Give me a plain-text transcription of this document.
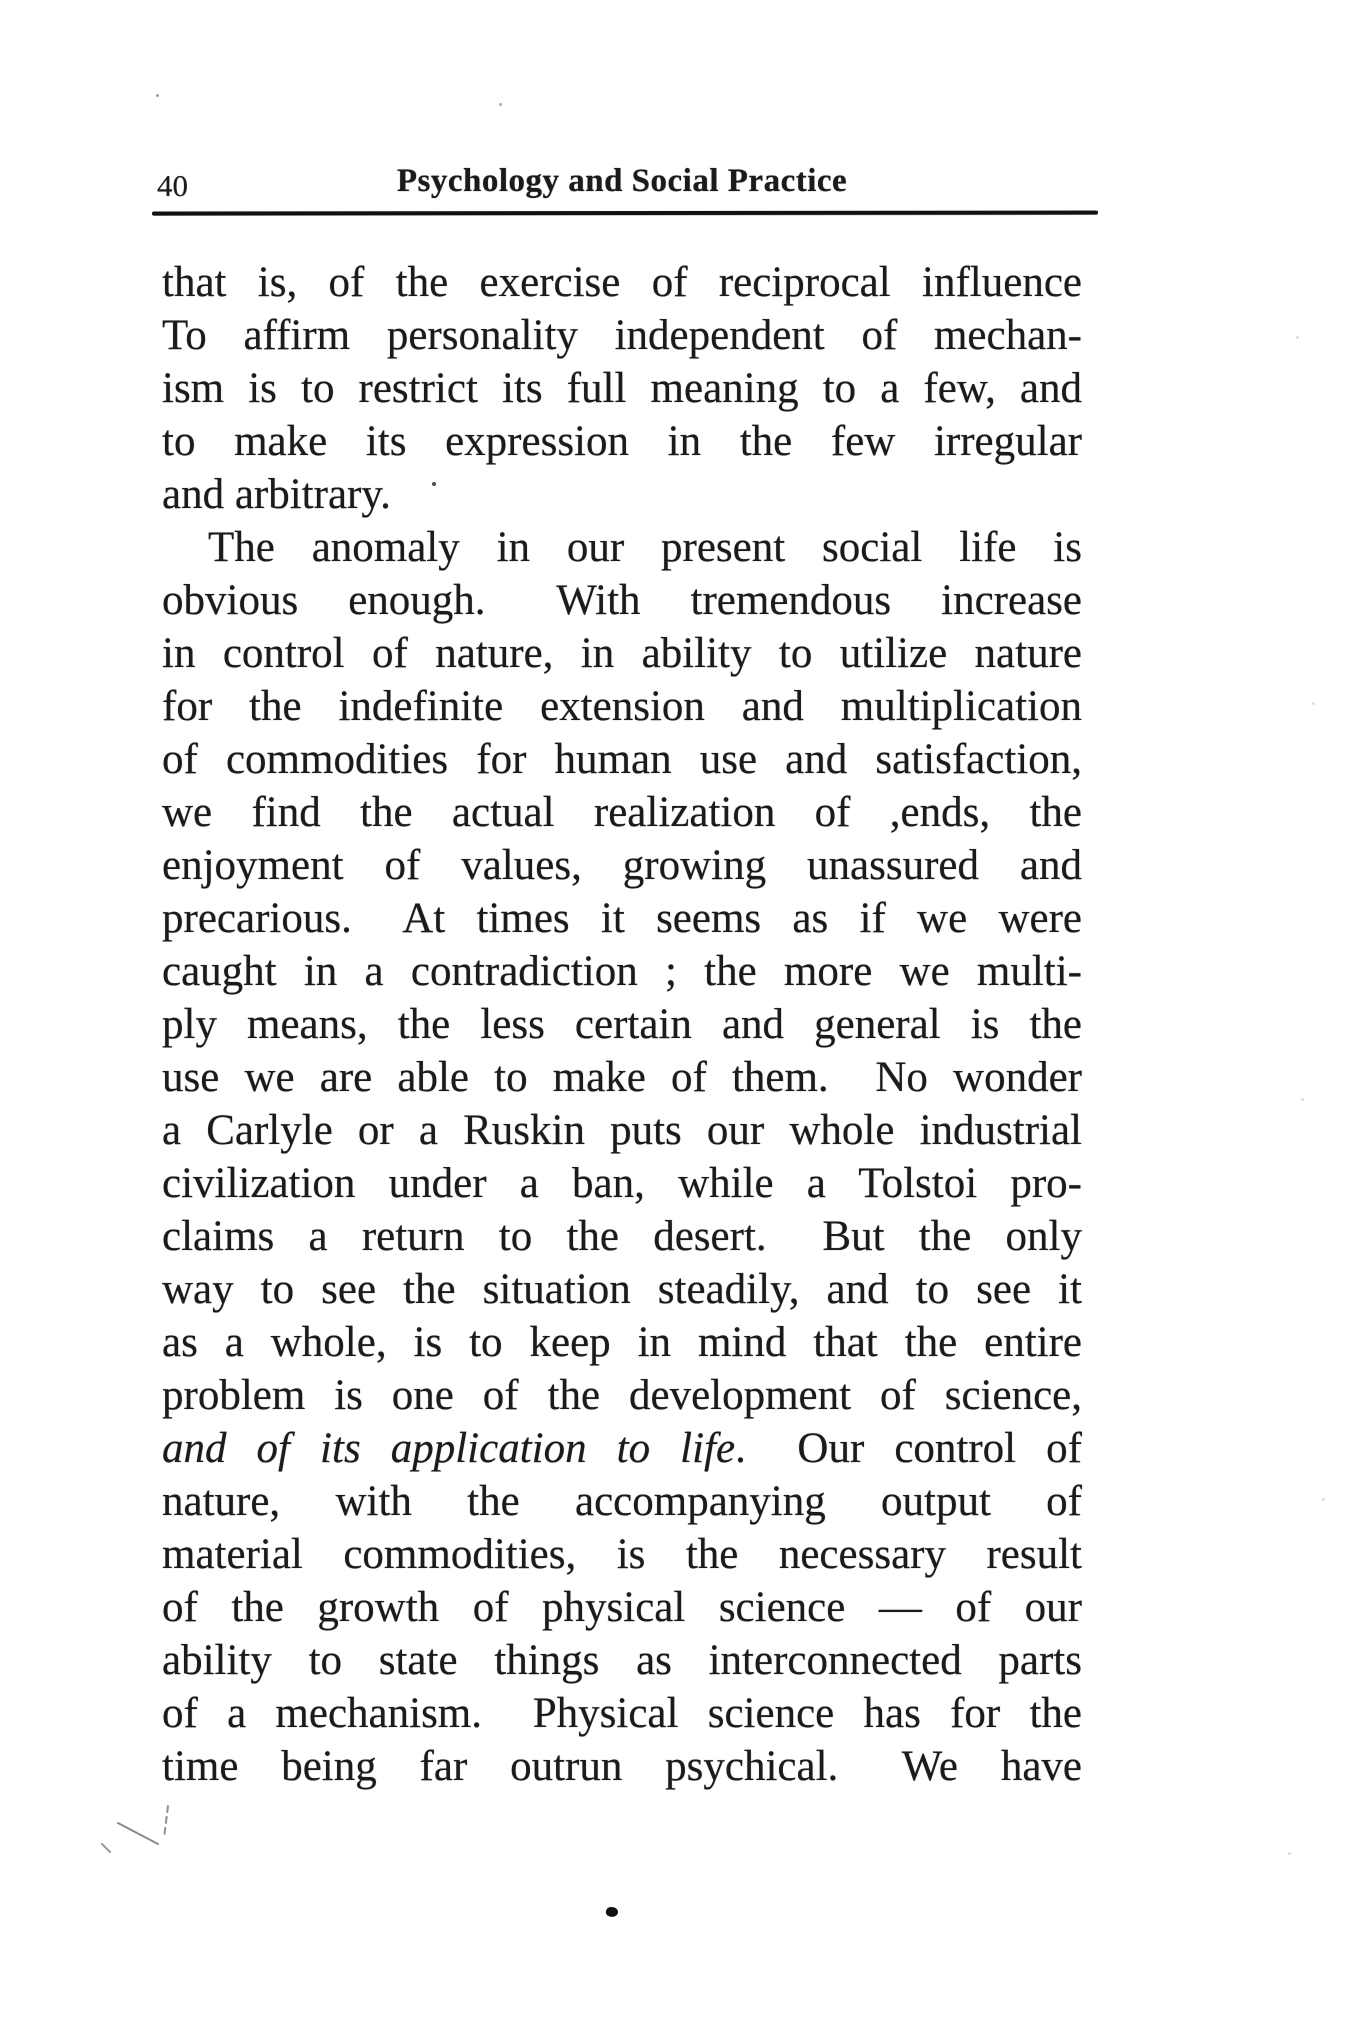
40	Psychology and Social Practice

that is, of the exercise of reciprocal influence

To affirm personality independent of mechan-

ism is to restrict its full meaning to a few, and

to make its expression in the few irregular

and arbitrary.

The anomaly in our present social life is

obvious enough.  With tremendous increase

in control of nature, in ability to utilize nature

for the indefinite extension and multiplication

of commodities for human use and satisfaction,

we find the actual realization of ,ends, the

enjoyment of values, growing unassured and

precarious.  At times it seems as if we were

caught in a contradiction ; the more we multi-

ply means, the less certain and general is the

use we are able to make of them.  No wonder

a Carlyle or a Ruskin puts our whole industrial

civilization under a ban, while a Tolstoi pro-

claims a return to the desert.  But the only

way to see the situation steadily, and to see it

as a whole, is to keep in mind that the entire

problem is one of the development of science,

and of its application to life.  Our control of

nature, with the accompanying output of

material commodities, is the necessary result

of the growth of physical science — of our

ability to state things as interconnected parts

of a mechanism.  Physical science has for the

time being far outrun psychical.  We have
